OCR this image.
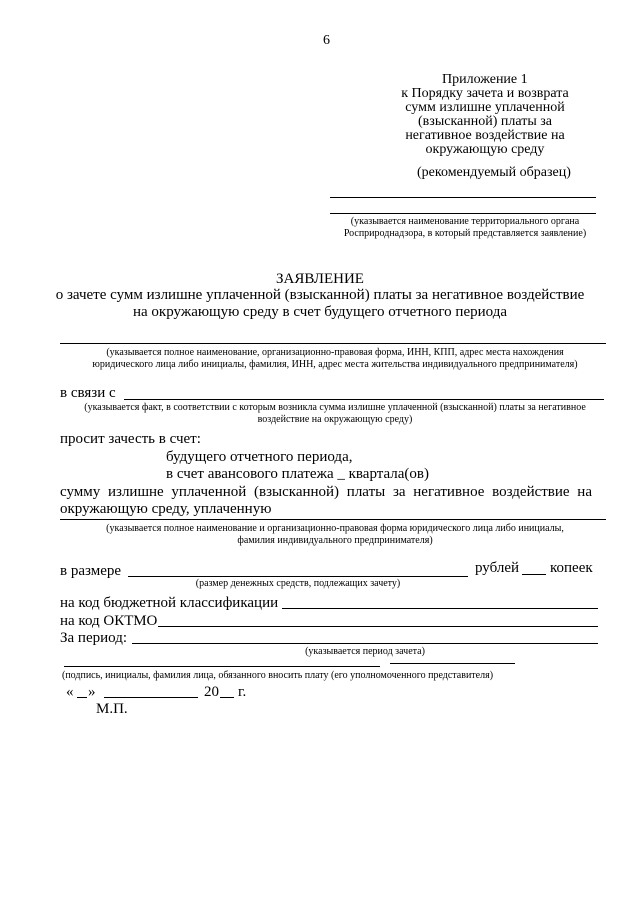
6
Приложение 1
к Порядку зачета и возврата
сумм излишне уплаченной
(взысканной) платы за
негативное воздействие на
окружающую среду
(рекомендуемый образец)
(указывается наименование территориального органа
Росприроднадзора, в который представляется заявление)
ЗАЯВЛЕНИЕ
о зачете сумм излишне уплаченной (взысканной) платы за негативное воздействие
на окружающую среду в счет будущего отчетного периода
(указывается полное наименование, организационно-правовая форма, ИНН, КПП, адрес места нахождения
юридического лица либо инициалы, фамилия, ИНН, адрес места жительства индивидуального предпринимателя)
в связи с
(указывается факт, в соответствии с которым возникла сумма излишне уплаченной (взысканной) платы за негативное
воздействие на окружающую среду)
просит зачесть в счет:
будущего отчетного периода,
в счет авансового платежа _ квартала(ов)
сумму излишне уплаченной (взысканной) платы за негативное воздействие на
окружающую среду, уплаченную
(указывается полное наименование и организационно-правовая форма юридического лица либо инициалы,
фамилия индивидуального предпринимателя)
в размере	рублей копеек
(размер денежных средств, подлежащих зачету)
на код бюджетной классификации
на код ОКТМО
За период:
(указывается период зачета)
(подпись, инициалы, фамилия лица, обязанного вносить плату (его уполномоченного представителя)
« »	20 г.
М.П.
